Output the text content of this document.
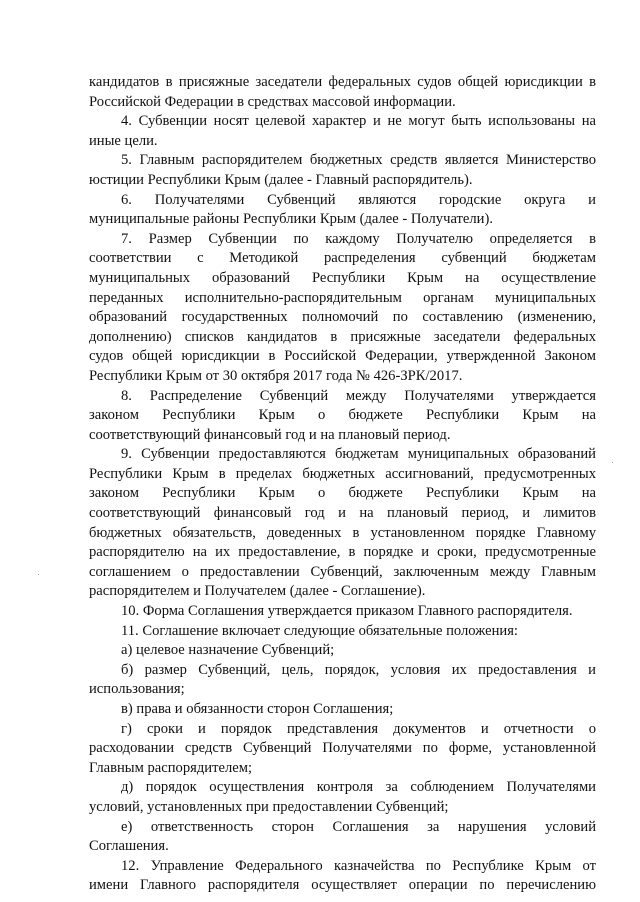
кандидатов в присяжные заседатели федеральных судов общей юрисдикции в
Российской Федерации в средствах массовой информации.
4. Субвенции носят целевой характер и не могут быть использованы на
иные цели.
5. Главным распорядителем бюджетных средств является Министерство
юстиции Республики Крым (далее - Главный распорядитель).
6. Получателями Субвенций являются городские округа и
муниципальные районы Республики Крым (далее - Получатели).
7. Размер Субвенции по каждому Получателю определяется в
соответствии с Методикой распределения субвенций бюджетам
муниципальных образований Республики Крым на осуществление
переданных исполнительно-распорядительным органам муниципальных
образований государственных полномочий по составлению (изменению,
дополнению) списков кандидатов в присяжные заседатели федеральных
судов общей юрисдикции в Российской Федерации, утвержденной Законом
Республики Крым от 30 октября 2017 года № 426-ЗРК/2017.
8. Распределение Субвенций между Получателями утверждается
законом Республики Крым о бюджете Республики Крым на
соответствующий финансовый год и на плановый период.
9. Субвенции предоставляются бюджетам муниципальных образований
Республики Крым в пределах бюджетных ассигнований, предусмотренных
законом Республики Крым о бюджете Республики Крым на
соответствующий финансовый год и на плановый период, и лимитов
бюджетных обязательств, доведенных в установленном порядке Главному
распорядителю на их предоставление, в порядке и сроки, предусмотренные
соглашением о предоставлении Субвенций, заключенным между Главным
распорядителем и Получателем (далее - Соглашение).
10. Форма Соглашения утверждается приказом Главного распорядителя.
11. Соглашение включает следующие обязательные положения:
а) целевое назначение Субвенций;
б) размер Субвенций, цель, порядок, условия их предоставления и
использования;
в) права и обязанности сторон Соглашения;
г) сроки и порядок представления документов и отчетности о
расходовании средств Субвенций Получателями по форме, установленной
Главным распорядителем;
д) порядок осуществления контроля за соблюдением Получателями
условий, установленных при предоставлении Субвенций;
е) ответственность сторон Соглашения за нарушения условий
Соглашения.
12. Управление Федерального казначейства по Республике Крым от
имени Главного распорядителя осуществляет операции по перечислению
